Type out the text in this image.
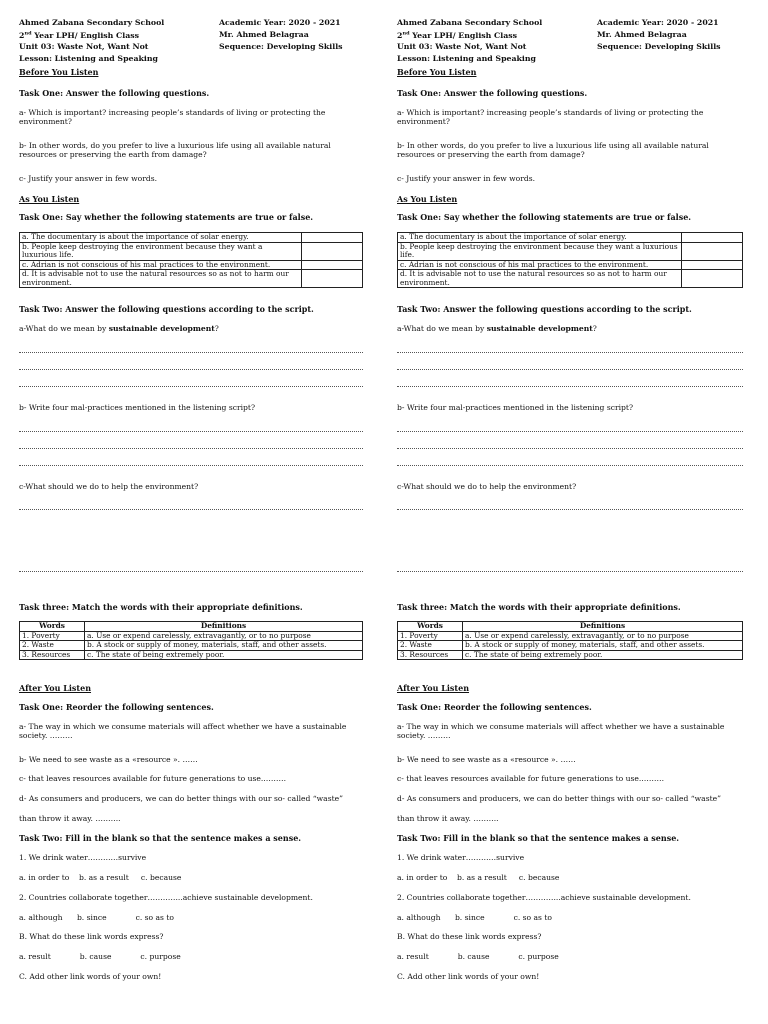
Ahmed Zabana Secondary School	Academic Year: 2020 - 2021
2nd Year LPH/ English Class	Mr. Ahmed Belagraa
Unit 03: Waste Not, Want Not	Sequence: Developing Skills
Lesson: Listening and Speaking
Before You Listen
Task One: Answer the following questions.
a- Which is important? increasing people’s standards of living or protecting the environment?
b- In other words, do you prefer to live a luxurious life using all available natural resources or preserving the earth from damage?
c- Justify your answer in few words.
As You Listen
Task One: Say whether the following statements are true or false.
a. The documentary is about the importance of solar energy.	
b. People keep destroying the environment because they want a luxurious life.	
c. Adrian is not conscious of his mal practices to the environment.	
d. It is advisable not to use the natural resources so as not to harm our environment.	
Task Two: Answer the following questions according to the script.
a-What do we mean by sustainable development?
b- Write four mal-practices mentioned in the listening script?
c-What should we do to help the environment?
Task three: Match the words with their appropriate definitions.
Words	Definitions
1. Poverty	a. Use or expend carelessly, extravagantly, or to no purpose
2. Waste	b. A stock or supply of money, materials, staff, and other assets.
3. Resources	c. The state of being extremely poor.
After You Listen
Task One: Reorder the following sentences.
a- The way in which we consume materials will affect whether we have a sustainable society. ………
b- We need to see waste as a «resource ». ……
c- that leaves resources available for future generations to use.………
d- As consumers and producers, we can do better things with our so- called “waste”
than throw it away. ……….
Task Two: Fill in the blank so that the sentence makes a sense.
1. We drink water…………survive
a. in order to    b. as a result     c. because
2. Countries collaborate together…………..achieve sustainable development.
a. although      b. since            c. so as to
B. What do these link words express?
a. result            b. cause            c. purpose
C. Add other link words of your own!
Ahmed Zabana Secondary School	Academic Year: 2020 - 2021
2nd Year LPH/ English Class	Mr. Ahmed Belagraa
Unit 03: Waste Not, Want Not	Sequence: Developing Skills
Lesson: Listening and Speaking
Before You Listen
Task One: Answer the following questions.
a- Which is important? increasing people’s standards of living or protecting the environment?
b- In other words, do you prefer to live a luxurious life using all available natural resources or preserving the earth from damage?
c- Justify your answer in few words.
As You Listen
Task One: Say whether the following statements are true or false.
a. The documentary is about the importance of solar energy.	
b. People keep destroying the environment because they want a luxurious life.	
c. Adrian is not conscious of his mal practices to the environment.	
d. It is advisable not to use the natural resources so as not to harm our environment.	
Task Two: Answer the following questions according to the script.
a-What do we mean by sustainable development?
b- Write four mal-practices mentioned in the listening script?
c-What should we do to help the environment?
Task three: Match the words with their appropriate definitions.
Words	Definitions
1. Poverty	a. Use or expend carelessly, extravagantly, or to no purpose
2. Waste	b. A stock or supply of money, materials, staff, and other assets.
3. Resources	c. The state of being extremely poor.
After You Listen
Task One: Reorder the following sentences.
a- The way in which we consume materials will affect whether we have a sustainable society. ………
b- We need to see waste as a «resource ». ……
c- that leaves resources available for future generations to use.………
d- As consumers and producers, we can do better things with our so- called “waste”
than throw it away. ……….
Task Two: Fill in the blank so that the sentence makes a sense.
1. We drink water…………survive
a. in order to    b. as a result     c. because
2. Countries collaborate together…………..achieve sustainable development.
a. although      b. since            c. so as to
B. What do these link words express?
a. result            b. cause            c. purpose
C. Add other link words of your own!
